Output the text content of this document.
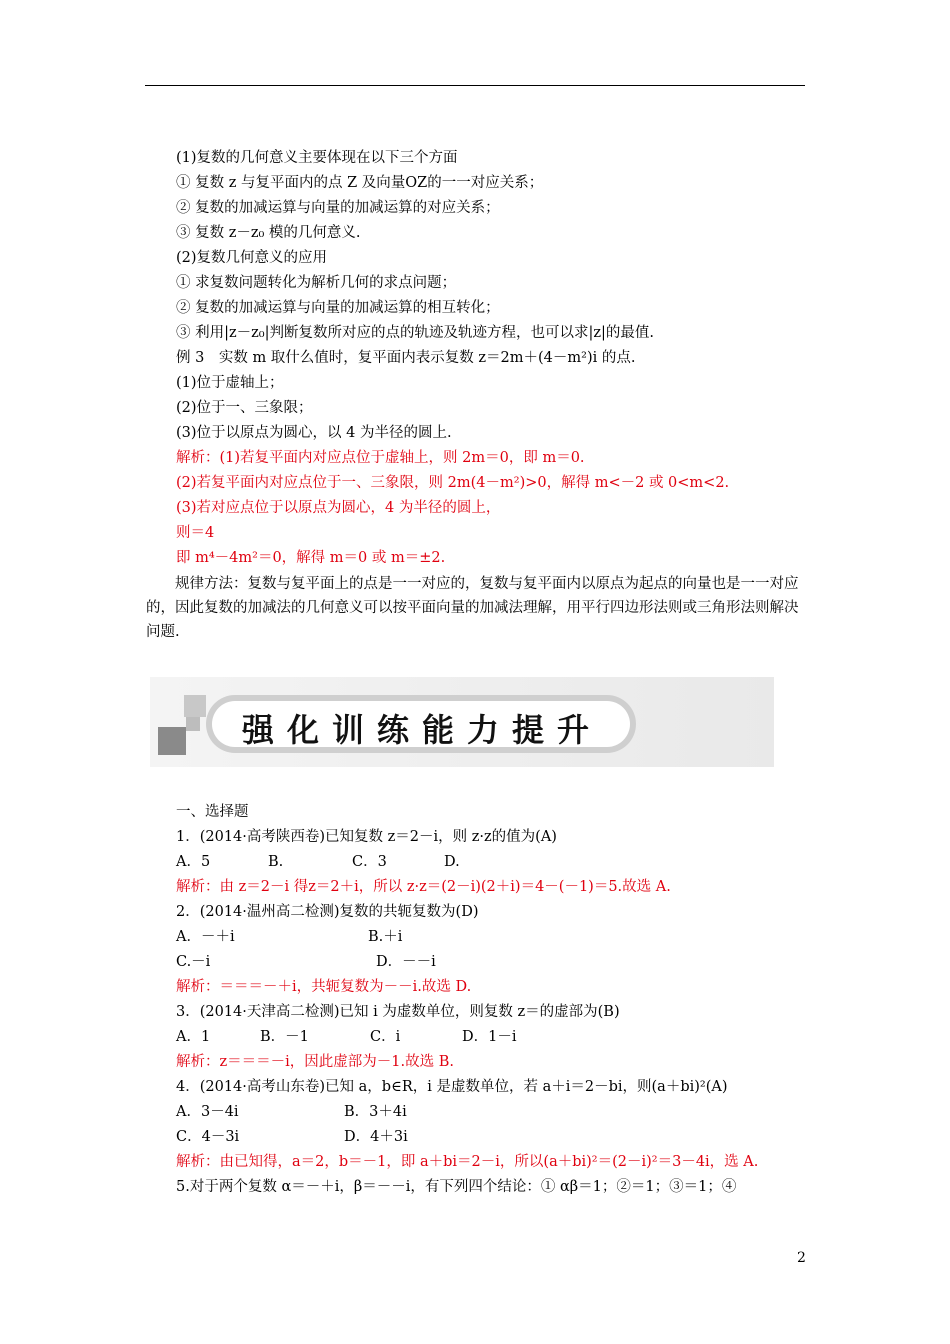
(1)复数的几何意义主要体现在以下三个方面
① 复数 z 与复平面内的点 Z 及向量OZ的一一对应关系；
② 复数的加减运算与向量的加减运算的对应关系；
③ 复数 z－z₀ 模的几何意义.
(2)复数几何意义的应用
① 求复数问题转化为解析几何的求点问题；
② 复数的加减运算与向量的加减运算的相互转化；
③ 利用|z－z₀|判断复数所对应的点的轨迹及轨迹方程，也可以求|z|的最值.
例 3　实数 m 取什么值时，复平面内表示复数 z＝2m＋(4－m²)i 的点.
(1)位于虚轴上；
(2)位于一、三象限；
(3)位于以原点为圆心，以 4 为半径的圆上.
解析：(1)若复平面内对应点位于虚轴上，则 2m＝0，即 m＝0.
(2)若复平面内对应点位于一、三象限，则 2m(4－m²)>0，解得 m<－2 或 0<m<2.
(3)若对应点位于以原点为圆心，4 为半径的圆上，
则＝4
即 m⁴－4m²＝0，解得 m＝0 或 m＝±2.
规律方法：复数与复平面上的点是一一对应的，复数与复平面内以原点为起点的向量也是一一对应的，因此复数的加减法的几何意义可以按平面向量的加减法理解，用平行四边形法则或三角形法则解决问题.
强化训练能力提升
一、选择题
1．(2014·高考陕西卷)已知复数 z＝2－i，则 z·z的值为(A)
A．5	B.	C．3	D.
解析：由 z＝2－i 得z＝2＋i，所以 z·z＝(2－i)(2＋i)＝4－(－1)＝5.故选 A.
2．(2014·温州高二检测)复数的共轭复数为(D)
A．－＋i	B.＋i
C.－i	D．－－i
解析：＝＝＝－＋i，共轭复数为－－i.故选 D.
3．(2014·天津高二检测)已知 i 为虚数单位，则复数 z＝的虚部为(B)
A．1	B．－1	C．i	D．1－i
解析：z＝＝＝－i，因此虚部为－1.故选 B.
4．(2014·高考山东卷)已知 a，b∈R，i 是虚数单位，若 a＋i＝2－bi，则(a＋bi)²(A)
A．3－4i	B．3＋4i
C．4－3i	D．4＋3i
解析：由已知得，a＝2，b＝－1，即 a＋bi＝2－i，所以(a＋bi)²＝(2－i)²＝3－4i，选 A.
5.对于两个复数 α＝－＋i，β＝－－i，有下列四个结论：① αβ＝1；②＝1；③＝1；④
2
